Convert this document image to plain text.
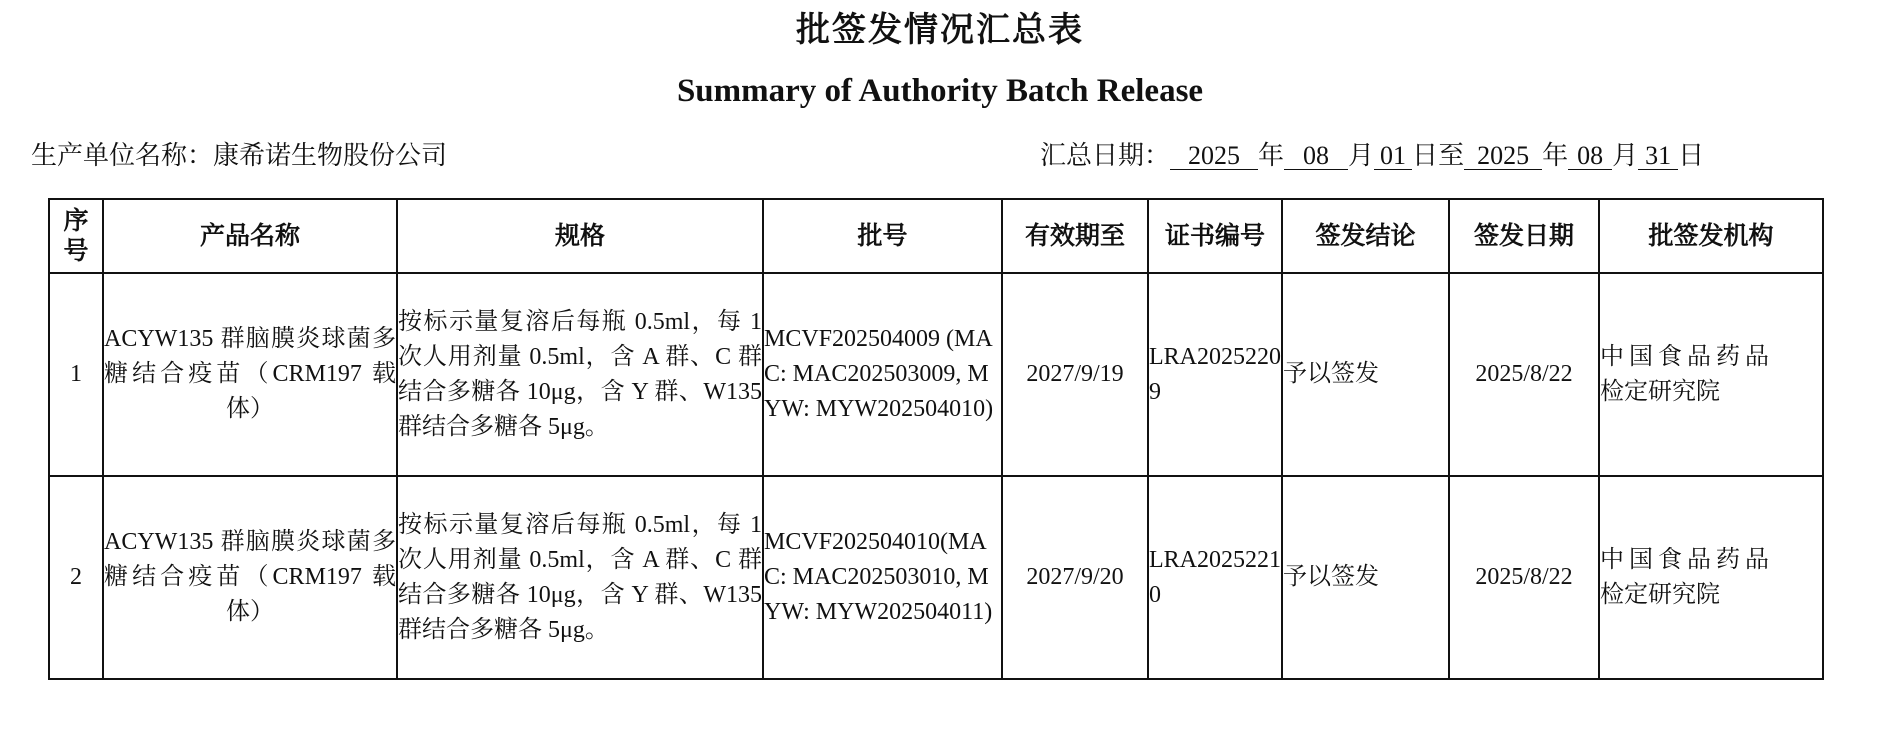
批签发情况汇总表
Summary of Authority Batch Release
生产单位名称：康希诺生物股份公司	汇总日期： 2025 年 08 月 01 日至 2025 年 08 月 31 日
序号	产品名称	规格	批号	有效期至	证书编号	签发结论	签发日期	批签发机构
1	ACYW135 群脑膜炎球菌多糖结合疫苗（CRM197 载体）	按标示量复溶后每瓶 0.5ml，每 1 次人用剂量 0.5ml，含 A 群、C 群结合多糖各 10μg，含 Y 群、W135 群结合多糖各 5μg。	MCVF202504009 (MAC: MAC202503009, MYW: MYW202504010)	2027/9/19	LRA20252209	予以签发	2025/8/22	中国食品药品
检定研究院

2	ACYW135 群脑膜炎球菌多糖结合疫苗（CRM197 载体）	按标示量复溶后每瓶 0.5ml，每 1 次人用剂量 0.5ml，含 A 群、C 群结合多糖各 10μg，含 Y 群、W135 群结合多糖各 5μg。	MCVF202504010(MAC: MAC202503010, MYW: MYW202504011)	2027/9/20	LRA20252210	予以签发	2025/8/22	中国食品药品
检定研究院
